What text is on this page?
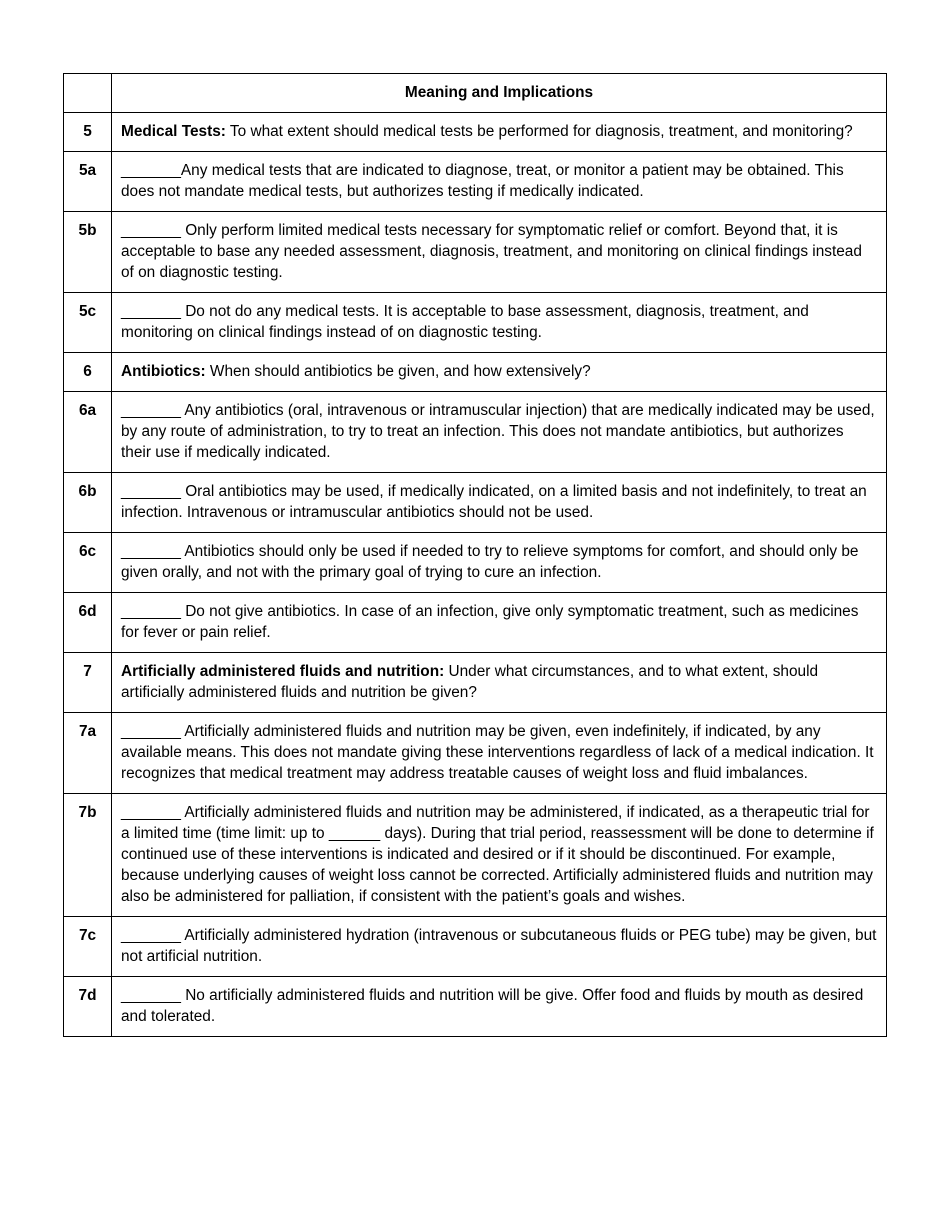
	Meaning and Implications
5	Medical Tests: To what extent should medical tests be performed for diagnosis, treatment, and monitoring?
5a	_______Any medical tests that are indicated to diagnose, treat, or monitor a patient may be obtained. This does not mandate medical tests, but authorizes testing if medically indicated.
5b	_______ Only perform limited medical tests necessary for symptomatic relief or comfort. Beyond that, it is acceptable to base any needed assessment, diagnosis, treatment, and monitoring on clinical findings instead of on diagnostic testing.
5c	_______ Do not do any medical tests. It is acceptable to base assessment, diagnosis, treatment, and monitoring on clinical findings instead of on diagnostic testing.
6	Antibiotics: When should antibiotics be given, and how extensively?
6a	_______ Any antibiotics (oral, intravenous or intramuscular injection) that are medically indicated may be used, by any route of administration, to try to treat an infection. This does not mandate antibiotics, but authorizes their use if medically indicated.
6b	_______ Oral antibiotics may be used, if medically indicated, on a limited basis and not indefinitely, to treat an infection. Intravenous or intramuscular antibiotics should not be used.
6c	_______ Antibiotics should only be used if needed to try to relieve symptoms for comfort, and should only be given orally, and not with the primary goal of trying to cure an infection.
6d	_______ Do not give antibiotics. In case of an infection, give only symptomatic treatment, such as medicines for fever or pain relief.
7	Artificially administered fluids and nutrition: Under what circumstances, and to what extent, should artificially administered fluids and nutrition be given?
7a	_______ Artificially administered fluids and nutrition may be given, even indefinitely, if indicated, by any available means. This does not mandate giving these interventions regardless of lack of a medical indication. It recognizes that medical treatment may address treatable causes of weight loss and fluid imbalances.
7b	_______ Artificially administered fluids and nutrition may be administered, if indicated, as a therapeutic trial for a limited time (time limit: up to ______ days). During that trial period, reassessment will be done to determine if continued use of these interventions is indicated and desired or if it should be discontinued. For example, because underlying causes of weight loss cannot be corrected. Artificially administered fluids and nutrition may also be administered for palliation, if consistent with the patient’s goals and wishes.
7c	_______ Artificially administered hydration (intravenous or subcutaneous fluids or PEG tube) may be given, but not artificial nutrition.
7d	_______ No artificially administered fluids and nutrition will be give. Offer food and fluids by mouth as desired and tolerated.
